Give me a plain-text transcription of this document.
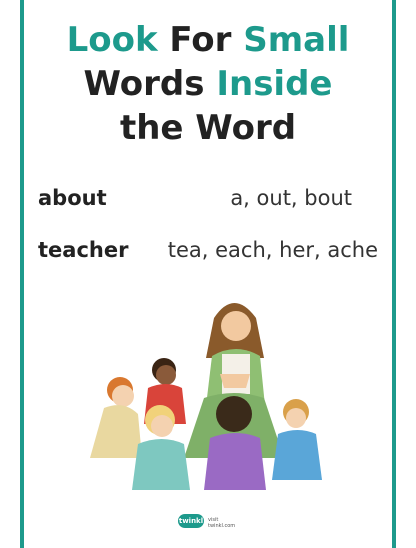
Look For Small
Words Inside
the Word
about	a, out, bout
teacher tea, each, her, ache
twinkl visit twinkl.com
